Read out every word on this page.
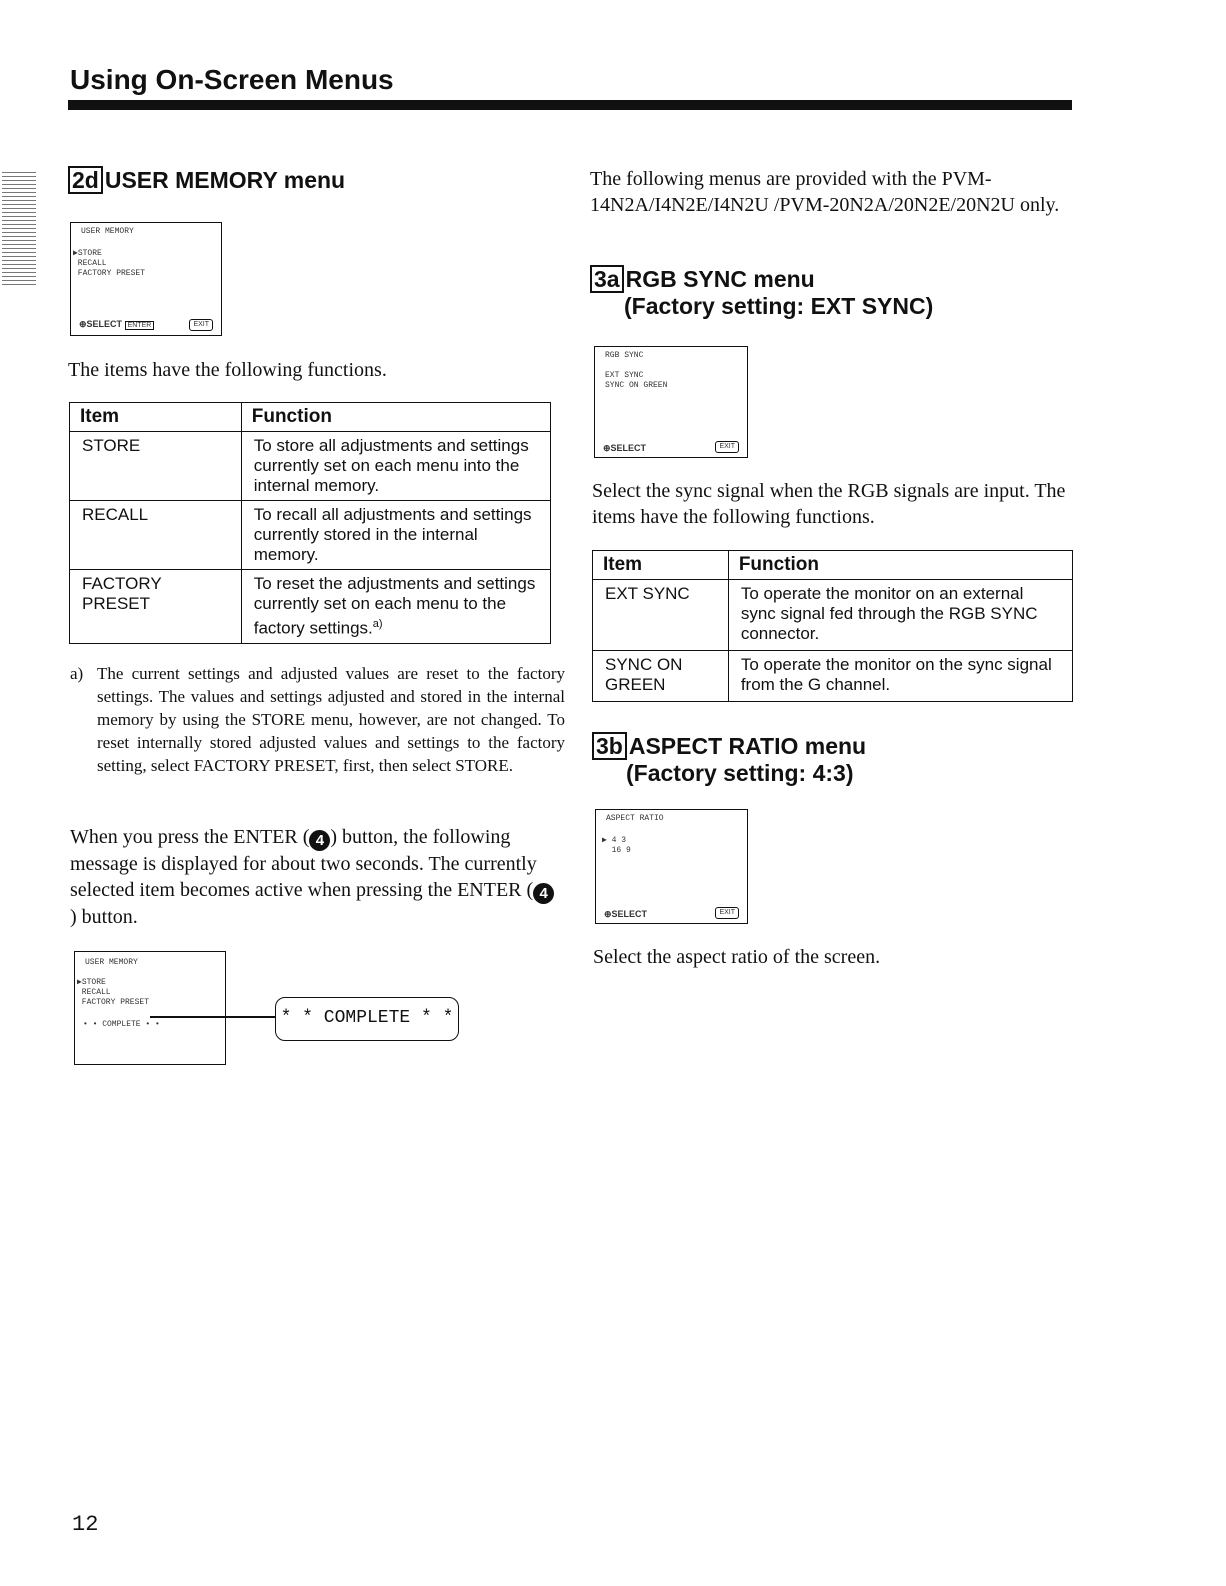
Using On-Screen Menus
2d USER MEMORY menu
USER MEMORY
▶STORE
RECALL
FACTORY PRESET
⊕SELECT ENTER	EXIT
The items have the following functions.
Item	Function
STORE	To store all adjustments and settings currently set on each menu into the internal memory.
RECALL	To recall all adjustments and settings currently stored in the internal memory.
FACTORY PRESET	To reset the adjustments and settings currently set on each menu to the factory settings.$^{a)}$
a) The current settings and adjusted values are reset to the factory settings. The values and settings adjusted and stored in the internal memory by using the STORE menu, however, are not changed. To reset internally stored adjusted values and settings to the factory setting, select FACTORY PRESET, first, then select STORE.
When you press the ENTER ( 4 ) button, the following message is displayed for about two seconds. The currently selected item becomes active when pressing the ENTER ( 4) button.
USER MEMORY
▶STORE
RECALL
FACTORY PRESET
• • COMPLETE • •	* * COMPLETE * *
The following menus are provided with the PVM-14N2A/I4N2E/I4N2U /PVM-20N2A/20N2E/20N2U only.
3a RGB SYNC menu
(Factory setting: EXT SYNC)
RGB SYNC
EXT SYNC
SYNC ON GREEN
⊕SELECT	EXIT
Select the sync signal when the RGB signals are input. The items have the following functions.
Item	Function
EXT SYNC	To operate the monitor on an external sync signal fed through the RGB SYNC connector.
SYNC ON GREEN	To operate the monitor on the sync signal from the G channel.
3b ASPECT RATIO menu
(Factory setting: 4:3)
ASPECT RATIO
▶ 4 3
16 9
⊕SELECT	EXIT
Select the aspect ratio of the screen.
12
